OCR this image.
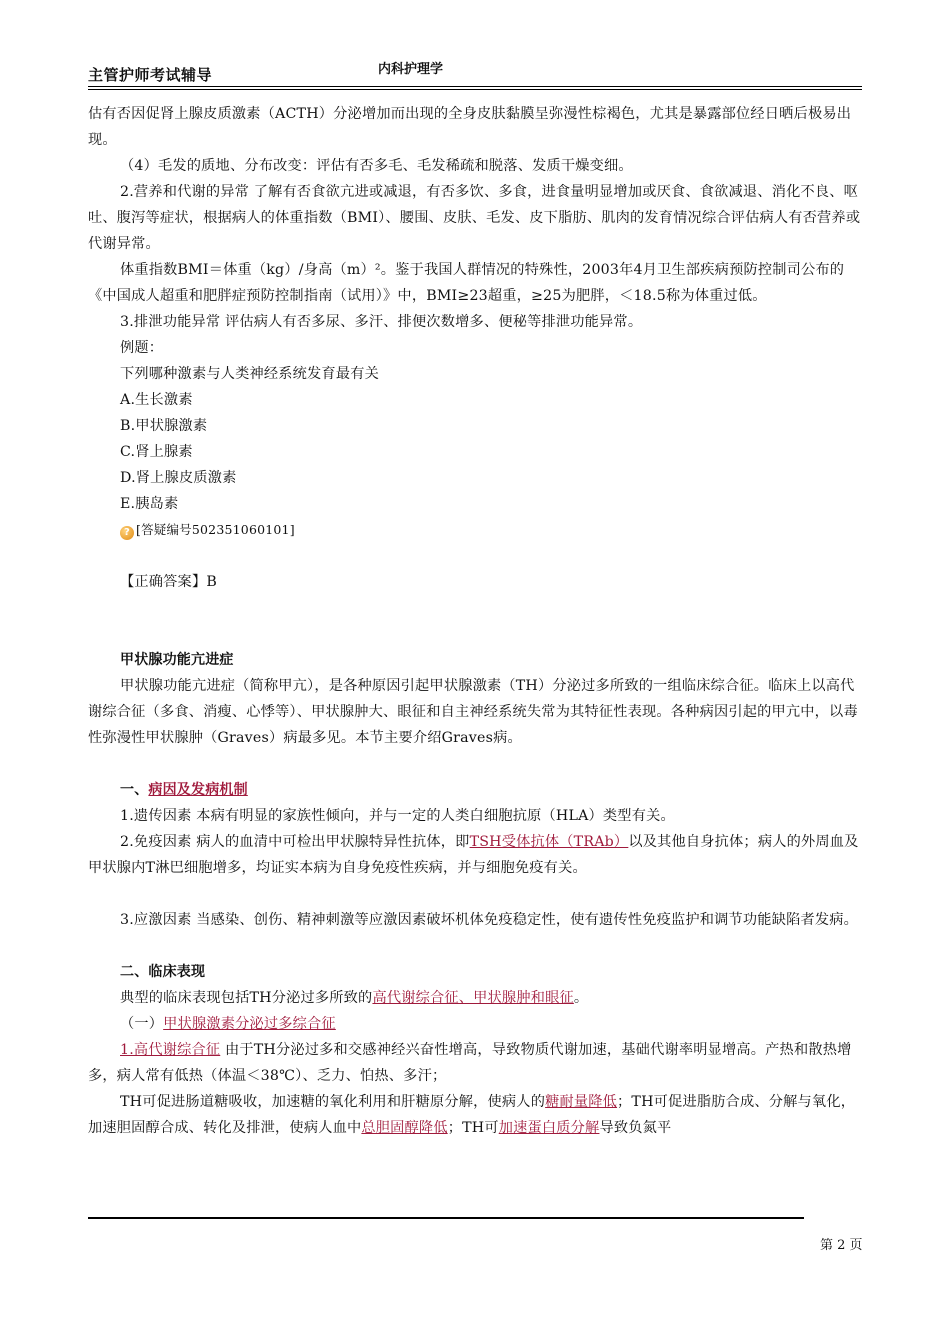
主管护师考试辅导	内科护理学

估有否因促肾上腺皮质激素（ACTH）分泌增加而出现的全身皮肤黏膜呈弥漫性棕褐色，尤其是暴露部位经日晒后极易出现。

（4）毛发的质地、分布改变：评估有否多毛、毛发稀疏和脱落、发质干燥变细。

2.营养和代谢的异常 了解有否食欲亢进或减退，有否多饮、多食，进食量明显增加或厌食、食欲减退、消化不良、呕吐、腹泻等症状，根据病人的体重指数（BMI）、腰围、皮肤、毛发、皮下脂肪、肌肉的发育情况综合评估病人有否营养或代谢异常。

体重指数BMI＝体重（kg）/身高（m）²。鉴于我国人群情况的特殊性，2003年4月卫生部疾病预防控制司公布的《中国成人超重和肥胖症预防控制指南（试用）》中，BMI≥23超重，≥25为肥胖，＜18.5称为体重过低。

3.排泄功能异常 评估病人有否多尿、多汗、排便次数增多、便秘等排泄功能异常。

例题：

下列哪种激素与人类神经系统发育最有关

A.生长激素

B.甲状腺激素

C.肾上腺素

D.肾上腺皮质激素

E.胰岛素

? [答疑编号502351060101]

【正确答案】B

甲状腺功能亢进症

甲状腺功能亢进症（简称甲亢），是各种原因引起甲状腺激素（TH）分泌过多所致的一组临床综合征。临床上以高代谢综合征（多食、消瘦、心悸等）、甲状腺肿大、眼征和自主神经系统失常为其特征性表现。各种病因引起的甲亢中，以毒性弥漫性甲状腺肿（Graves）病最多见。本节主要介绍Graves病。

一、病因及发病机制

1.遗传因素 本病有明显的家族性倾向，并与一定的人类白细胞抗原（HLA）类型有关。

2.免疫因素 病人的血清中可检出甲状腺特异性抗体，即TSH受体抗体（TRAb）以及其他自身抗体；病人的外周血及甲状腺内T淋巴细胞增多，均证实本病为自身免疫性疾病，并与细胞免疫有关。

3.应激因素 当感染、创伤、精神刺激等应激因素破坏机体免疫稳定性，使有遗传性免疫监护和调节功能缺陷者发病。

二、临床表现

典型的临床表现包括TH分泌过多所致的高代谢综合征、甲状腺肿和眼征。

（一）甲状腺激素分泌过多综合征

1.高代谢综合征 由于TH分泌过多和交感神经兴奋性增高，导致物质代谢加速，基础代谢率明显增高。产热和散热增多，病人常有低热（体温＜38℃）、乏力、怕热、多汗；

TH可促进肠道糖吸收，加速糖的氧化利用和肝糖原分解，使病人的糖耐量降低；TH可促进脂肪合成、分解与氧化，加速胆固醇合成、转化及排泄，使病人血中总胆固醇降低；TH可加速蛋白质分解导致负氮平

第 2 页
